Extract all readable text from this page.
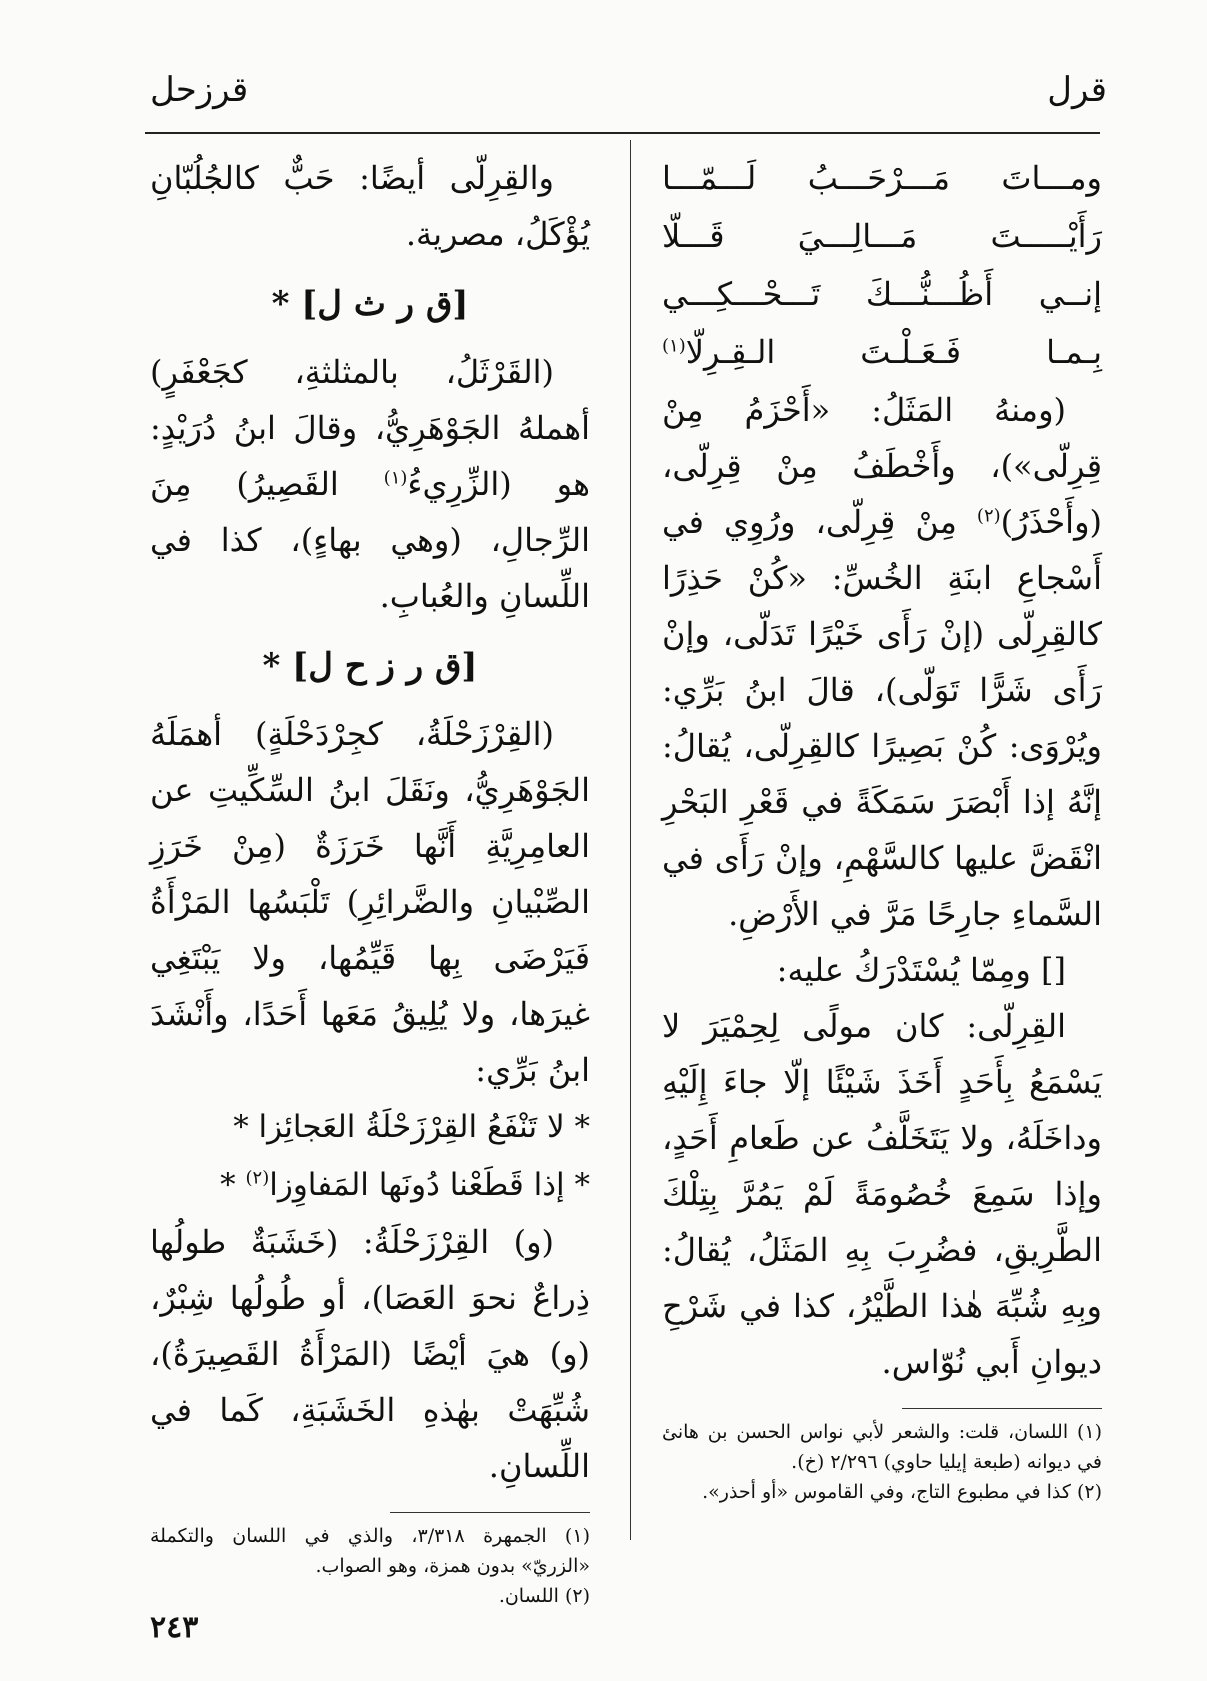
قرل
قرزحل
ومـــاتَ
مَـــرْحَـــبُ
لَـــمّـــا
رَأَيْـــــتَ
مَـــالِـــيَ
قَـــلّا
إنــي
أَظُـــنُّـــكَ
تَـــحْـــكِـــي
بِـمـا
فَـعَـلْـتَ
الـقِـرِلّا$^{(١)}$

(ومنهُ المَثَلُ: «أَحْزَمُ مِنْ قِرِلّى»)، وأَخْطَفُ مِنْ قِرِلّى، (وأَحْذَرُ)$^{(٢)}$ مِنْ قِرِلّى، ورُوِي في أَسْجاعِ ابنَةِ الخُسِّ: «كُنْ حَذِرًا كالقِرِلّى (إنْ رَأَى خَيْرًا تَدَلّى، وإنْ رَأَى شَرًّا تَوَلّى)، قالَ ابنُ بَرِّي: ويُرْوَى: كُنْ بَصِيرًا كالقِرِلّى، يُقالُ: إنَّهُ إذا أَبْصَرَ سَمَكَةً في قَعْرِ البَحْرِ انْقَضَّ عليها كالسَّهْمِ، وإنْ رَأَى في السَّماءِ جارِحًا مَرَّ في الأَرْضِ.

[] ومِمّا يُسْتَدْرَكُ عليه:

القِرِلّى: كان مولًى لِحِمْيَرَ لا يَسْمَعُ بِأَحَدٍ أَخَذَ شَيْئًا إلّا جاءَ إِلَيْهِ وداخَلَهُ، ولا يَتَخَلَّفُ عن طَعامِ أَحَدٍ، وإذا سَمِعَ خُصُومَةً لَمْ يَمُرَّ بِتِلْكَ الطَّرِيقِ، فضُرِبَ بِهِ المَثَلُ، يُقالُ: وبِهِ شُبِّهَ هٰذا الطَّيْرُ، كذا في شَرْحِ ديوانِ أَبي نُوّاس.

(١) اللسان، قلت: والشعر لأبي نواس الحسن بن هانئ في ديوانه (طبعة إيليا حاوي) ٢/٢٩٦ (خ).

(٢) كذا في مطبوع التاج، وفي القاموس «أو أحذر».

والقِرِلّى أيضًا: حَبٌّ كالجُلُبّانِ يُؤْكَلُ، مصرية.

[ق ر ث ل] *

(القَرْثَلُ، بالمثلثةِ، كجَعْفَرٍ) أهملهُ الجَوْهَرِيُّ، وقالَ ابنُ دُرَيْدٍ: هو (الزِّرِيءُ$^{(١)}$ القَصِيرُ) مِنَ الرِّجالِ، (وهي بهاءٍ)، كذا في اللِّسانِ والعُبابِ.

[ق ر ز ح ل] *

(القِرْزَحْلَةُ، كجِرْدَحْلَةٍ) أهمَلَهُ الجَوْهَرِيُّ، ونَقَلَ ابنُ السِّكِّيتِ عن العامِرِيَّةِ أَنَّها خَرَزَةٌ (مِنْ خَرَزِ الصِّبْيانِ والضَّرائِرِ) تَلْبَسُها المَرْأَةُ فَيَرْضَى بِها قَيِّمُها، ولا يَبْتَغِي غيرَها، ولا يُلِيقُ مَعَها أَحَدًا، وأَنْشَدَ ابنُ بَرِّي:

* لا تَنْفَعُ القِرْزَحْلَةُ العَجائِزا *

* إذا قَطَعْنا دُونَها المَفاوِزا$^{(٢)}$ *

(و) القِرْزَحْلَةُ: (خَشَبَةٌ طولُها ذِراعٌ نحوَ العَصَا)، أو طُولُها شِبْرٌ، (و) هيَ أيْضًا (المَرْأَةُ القَصِيرَةُ)، شُبِّهَتْ بهٰذهِ الخَشَبَةِ، كَما في اللِّسانِ.

(١) الجمهرة ٣/٣١٨، والذي في اللسان والتكملة «الزريّ» بدون همزة، وهو الصواب.

(٢) اللسان.

٢٤٣
